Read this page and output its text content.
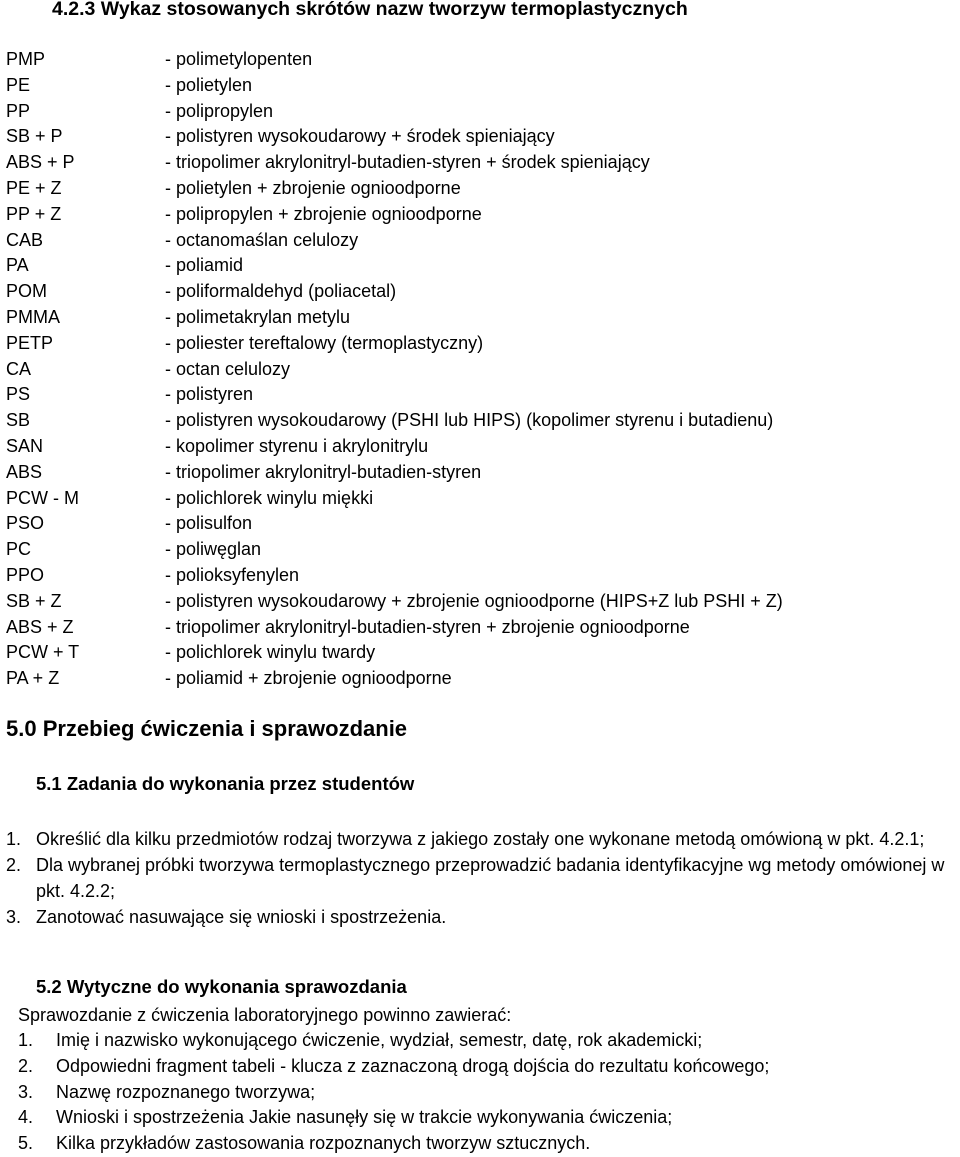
4.2.3 Wykaz stosowanych skrótów nazw tworzyw termoplastycznych
PMP	- polimetylopenten
PE	- polietylen
PP	- polipropylen
SB + P	- polistyren wysokoudarowy + środek spieniający
ABS + P	- triopolimer akrylonitryl-butadien-styren + środek spieniający
PE + Z	- polietylen + zbrojenie ognioodporne
PP + Z	- polipropylen + zbrojenie ognioodporne
CAB	- octanomaślan celulozy
PA	- poliamid
POM	- poliformaldehyd (poliacetal)
PMMA	- polimetakrylan metylu
PETP	- poliester tereftalowy (termoplastyczny)
CA	- octan celulozy
PS	- polistyren
SB	- polistyren wysokoudarowy (PSHI lub HIPS) (kopolimer styrenu i butadienu)
SAN	- kopolimer styrenu i akrylonitrylu
ABS	- triopolimer akrylonitryl-butadien-styren
PCW - M	- polichlorek winylu miękki
PSO	- polisulfon
PC	- poliwęglan
PPO	- polioksyfenylen
SB + Z	- polistyren wysokoudarowy + zbrojenie ognioodporne (HIPS+Z lub PSHI + Z)
ABS + Z	- triopolimer akrylonitryl-butadien-styren + zbrojenie ognioodporne
PCW + T	- polichlorek winylu twardy
PA + Z	- poliamid + zbrojenie ognioodporne
5.0 Przebieg ćwiczenia i sprawozdanie
5.1 Zadania do wykonania przez studentów
1. Określić dla kilku przedmiotów rodzaj tworzywa z jakiego zostały one wykonane metodą omówioną w pkt. 4.2.1;
2. Dla wybranej próbki tworzywa termoplastycznego przeprowadzić badania identyfikacyjne wg metody omówionej w pkt. 4.2.2;
3. Zanotować nasuwające się wnioski i spostrzeżenia.
5.2 Wytyczne do wykonania sprawozdania
Sprawozdanie z ćwiczenia laboratoryjnego powinno zawierać:
1. Imię i nazwisko wykonującego ćwiczenie, wydział, semestr, datę, rok akademicki;
2. Odpowiedni fragment tabeli - klucza z zaznaczoną drogą dojścia do rezultatu końcowego;
3. Nazwę rozpoznanego tworzywa;
4. Wnioski i spostrzeżenia Jakie nasunęły się w trakcie wykonywania ćwiczenia;
5. Kilka przykładów zastosowania rozpoznanych tworzyw sztucznych.
